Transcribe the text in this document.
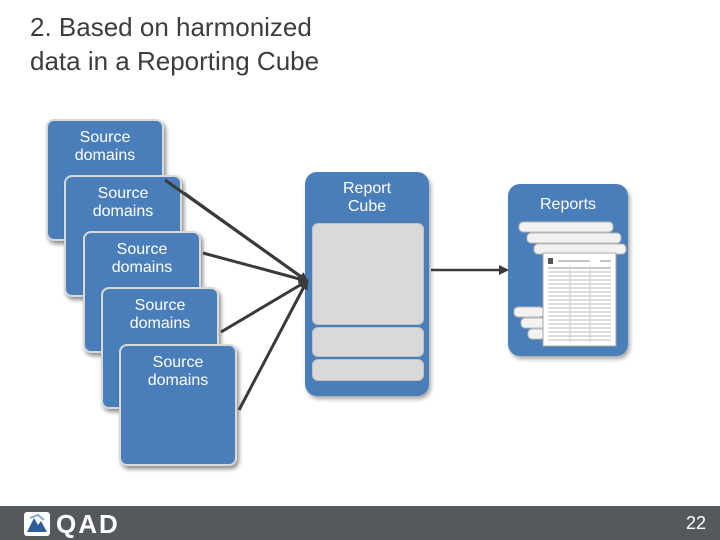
2. Based on harmonized
data in a Reporting Cube
Source
domains
Source
domains
Source
domains
Source
domains
Source
domains
Report
Cube	Reports
QAD	22
